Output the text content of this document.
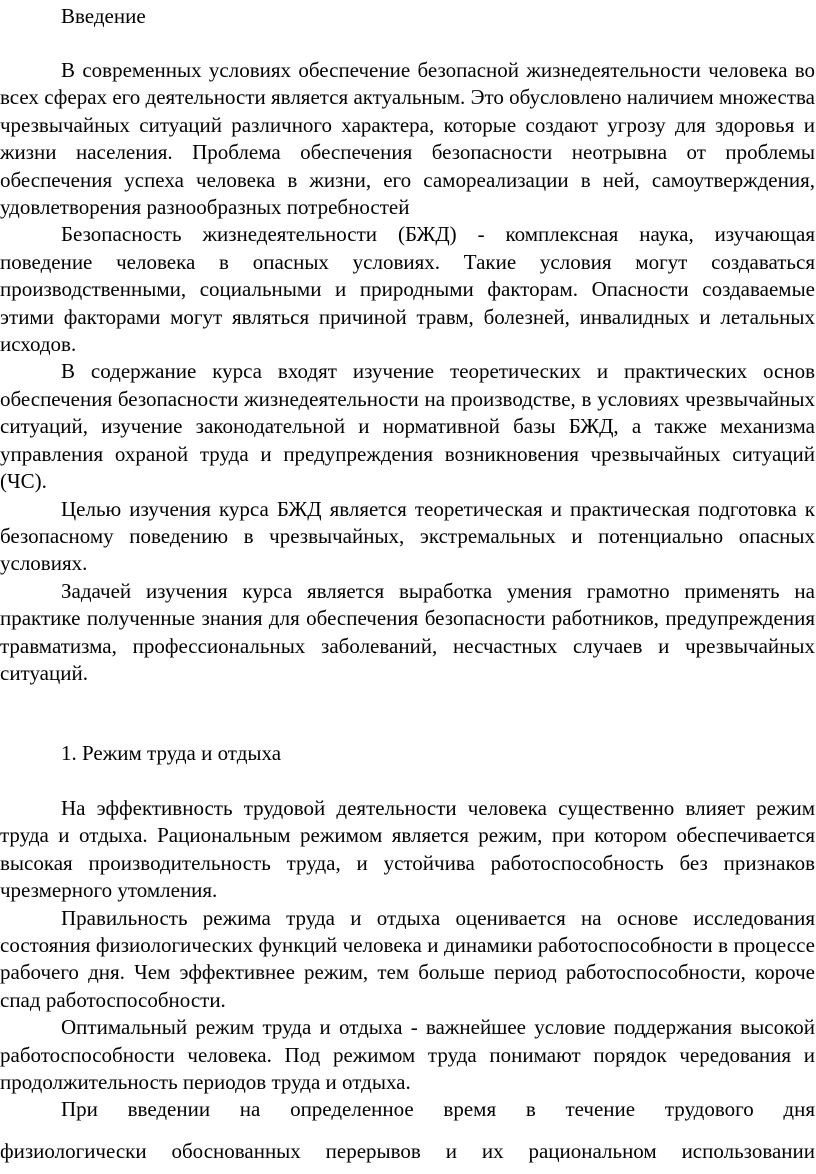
Введение

В современных условиях обеспечение безопасной жизнедеятельности человека во всех сферах его деятельности является актуальным. Это обусловлено наличием множества чрезвычайных ситуаций различного характера, которые создают угрозу для здоровья и жизни населения. Проблема обеспечения безопасности неотрывна от проблемы обеспечения успеха человека в жизни, его самореализации в ней, самоутверждения, удовлетворения разнообразных потребностей

Безопасность жизнедеятельности (БЖД) - комплексная наука, изучающая поведение человека в опасных условиях. Такие условия могут создаваться производственными, социальными и природными факторам. Опасности создаваемые этими факторами могут являться причиной травм, болезней, инвалидных и летальных исходов.

В содержание курса входят изучение теоретических и практических основ обеспечения безопасности жизнедеятельности на производстве, в условиях чрезвычайных ситуаций, изучение законодательной и нормативной базы БЖД, а также механизма управления охраной труда и предупреждения возникновения чрезвычайных ситуаций (ЧС).

Целью изучения курса БЖД является теоретическая и практическая подготовка к безопасному поведению в чрезвычайных, экстремальных и потенциально опасных условиях.

Задачей изучения курса является выработка умения грамотно применять на практике полученные знания для обеспечения безопасности работников, предупреждения травматизма, профессиональных заболеваний, несчастных случаев и чрезвычайных ситуаций.

1. Режим труда и отдыха

На эффективность трудовой деятельности человека существенно влияет режим труда и отдыха. Рациональным режимом является режим, при котором обеспечивается высокая производительность труда, и устойчива работоспособность без признаков чрезмерного утомления.

Правильность режима труда и отдыха оценивается на основе исследования состояния физиологических функций человека и динамики работоспособности в процессе рабочего дня. Чем эффективнее режим, тем больше период работоспособности, короче спад работоспособности.

Оптимальный режим труда и отдыха - важнейшее условие поддержания высокой работоспособности человека. Под режимом труда понимают порядок чередования и продолжительность периодов труда и отдыха.

При введении на определенное время в течение трудового дня

физиологически обоснованных перерывов и их рациональном использовании
